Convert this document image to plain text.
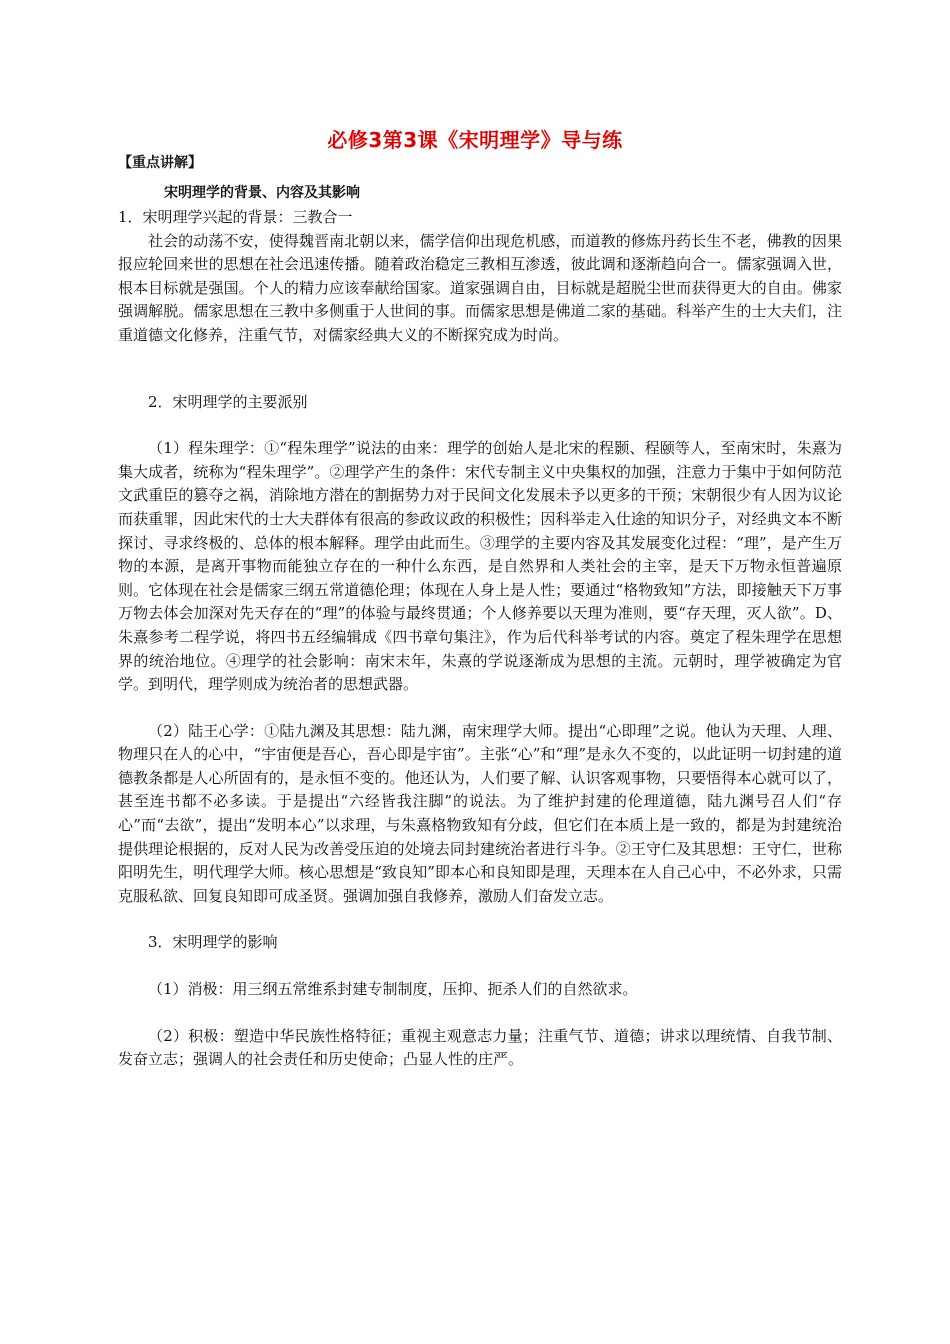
必修3第3课《宋明理学》导与练
【重点讲解】
宋明理学的背景、内容及其影响

1．宋明理学兴起的背景：三教合一

社会的动荡不安，使得魏晋南北朝以来，儒学信仰出现危机感，而道教的修炼丹药长生不老，佛教的因果报应轮回来世的思想在社会迅速传播。随着政治稳定三教相互渗透，彼此调和逐渐趋向合一。儒家强调入世，根本目标就是强国。个人的精力应该奉献给国家。道家强调自由，目标就是超脱尘世而获得更大的自由。佛家强调解脱。儒家思想在三教中多侧重于人世间的事。而儒家思想是佛道二家的基础。科举产生的士大夫们，注重道德文化修养，注重气节，对儒家经典大义的不断探究成为时尚。

2．宋明理学的主要派别

（1）程朱理学：①“程朱理学”说法的由来：理学的创始人是北宋的程颢、程颐等人，至南宋时，朱熹为集大成者，统称为“程朱理学”。②理学产生的条件：宋代专制主义中央集权的加强，注意力于集中于如何防范文武重臣的篡夺之祸，消除地方潜在的割据势力对于民间文化发展未予以更多的干预；宋朝很少有人因为议论而获重罪，因此宋代的士大夫群体有很高的参政议政的积极性；因科举走入仕途的知识分子，对经典文本不断探讨、寻求终极的、总体的根本解释。理学由此而生。③理学的主要内容及其发展变化过程：“理”，是产生万物的本源，是离开事物而能独立存在的一种什么东西，是自然界和人类社会的主宰，是天下万物永恒普遍原则。它体现在社会是儒家三纲五常道德伦理；体现在人身上是人性；要通过“格物致知”方法，即接触天下万事万物去体会加深对先天存在的“理”的体验与最终贯通；个人修养要以天理为准则，要“存天理，灭人欲”。D、朱熹参考二程学说，将四书五经编辑成《四书章句集注》，作为后代科举考试的内容。奠定了程朱理学在思想界的统治地位。④理学的社会影响：南宋末年，朱熹的学说逐渐成为思想的主流。元朝时，理学被确定为官学。到明代，理学则成为统治者的思想武器。

（2）陆王心学：①陆九渊及其思想：陆九渊，南宋理学大师。提出“心即理”之说。他认为天理、人理、物理只在人的心中，“宇宙便是吾心，吾心即是宇宙”。主张“心”和“理”是永久不变的，以此证明一切封建的道德教条都是人心所固有的，是永恒不变的。他还认为，人们要了解、认识客观事物，只要悟得本心就可以了，甚至连书都不必多读。于是提出“六经皆我注脚”的说法。为了维护封建的伦理道德，陆九渊号召人们“存心”而“去欲”，提出“发明本心”以求理，与朱熹格物致知有分歧，但它们在本质上是一致的，都是为封建统治提供理论根据的，反对人民为改善受压迫的处境去同封建统治者进行斗争。②王守仁及其思想：王守仁，世称阳明先生，明代理学大师。核心思想是“致良知”即本心和良知即是理，天理本在人自己心中，不必外求，只需克服私欲、回复良知即可成圣贤。强调加强自我修养，激励人们奋发立志。

3．宋明理学的影响

（1）消极：用三纲五常维系封建专制制度，压抑、扼杀人们的自然欲求。

（2）积极：塑造中华民族性格特征；重视主观意志力量；注重气节、道德；讲求以理统情、自我节制、发奋立志；强调人的社会责任和历史使命；凸显人性的庄严。
